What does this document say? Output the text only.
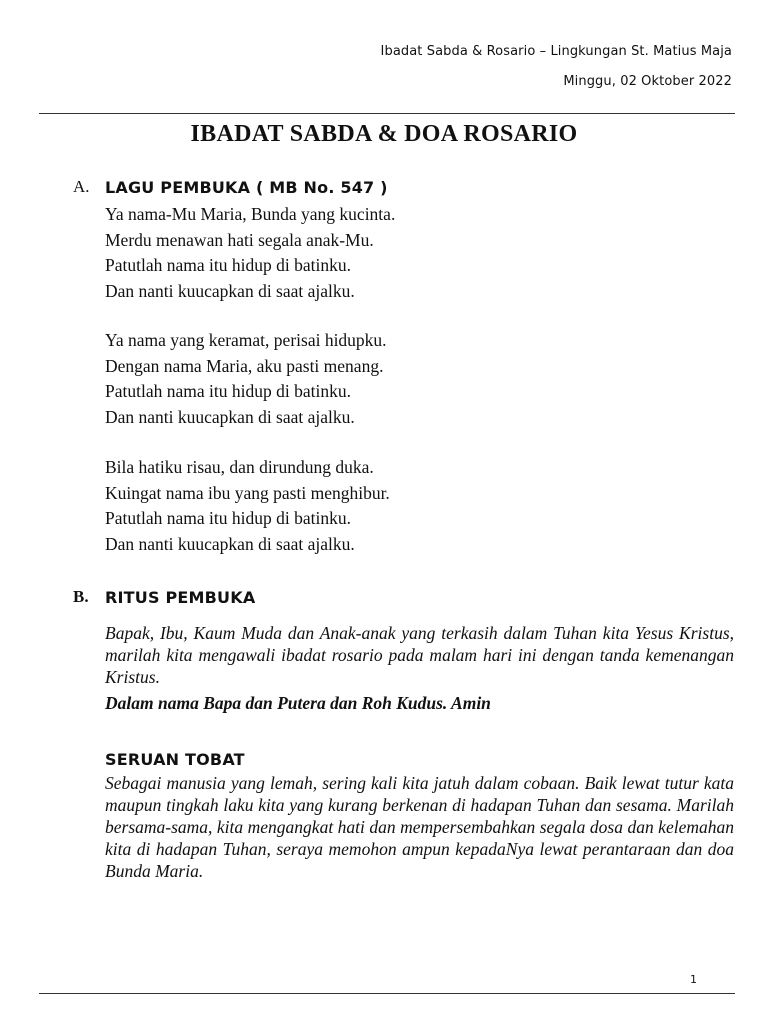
Ibadat Sabda & Rosario – Lingkungan St. Matius Maja
Minggu, 02 Oktober 2022
IBADAT SABDA & DOA ROSARIO
A. LAGU PEMBUKA ( MB No. 547 )
Ya nama-Mu Maria, Bunda yang kucinta.
Merdu menawan hati segala anak-Mu.
Patutlah nama itu hidup di batinku.
Dan nanti kuucapkan di saat ajalku.
Ya nama yang keramat, perisai hidupku.
Dengan nama Maria, aku pasti menang.
Patutlah nama itu hidup di batinku.
Dan nanti kuucapkan di saat ajalku.
Bila hatiku risau, dan dirundung duka.
Kuingat nama ibu yang pasti menghibur.
Patutlah nama itu hidup di batinku.
Dan nanti kuucapkan di saat ajalku.
B. RITUS PEMBUKA
Bapak, Ibu, Kaum Muda dan Anak-anak yang terkasih dalam Tuhan kita Yesus Kristus, marilah kita mengawali ibadat rosario pada malam hari ini dengan tanda kemenangan Kristus.
Dalam nama Bapa dan Putera dan Roh Kudus. Amin
SERUAN TOBAT
Sebagai manusia yang lemah, sering kali kita jatuh dalam cobaan. Baik lewat tutur kata maupun tingkah laku kita yang kurang berkenan di hadapan Tuhan dan sesama. Marilah bersama-sama, kita mengangkat hati dan mempersembahkan segala dosa dan kelemahan kita di hadapan Tuhan, seraya memohon ampun kepadaNya lewat perantaraan dan doa Bunda Maria.
1
